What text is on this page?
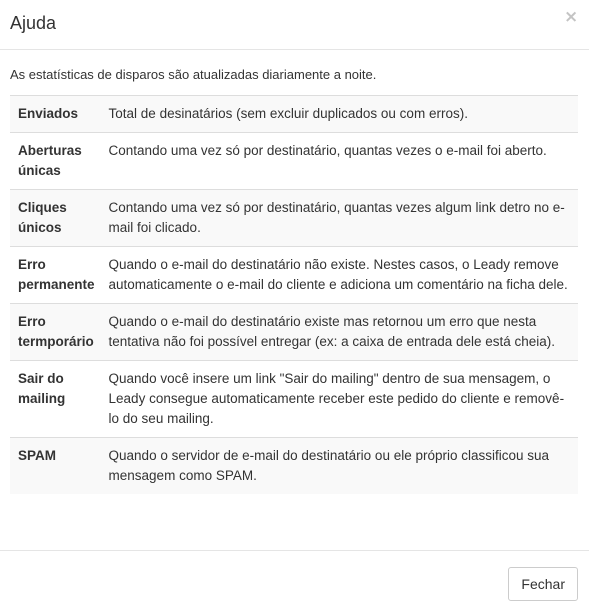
Ajuda	×

As estatísticas de disparos são atualizadas diariamente a noite.

Enviados	Total de desinatários (sem excluir duplicados ou com erros).
Aberturas únicas	Contando uma vez só por destinatário, quantas vezes o e-mail foi aberto.
Cliques únicos	Contando uma vez só por destinatário, quantas vezes algum link detro no e-mail foi clicado.
Erro permanente	Quando o e-mail do destinatário não existe. Nestes casos, o Leady remove automaticamente o e-mail do cliente e adiciona um comentário na ficha dele.
Erro termporário	Quando o e-mail do destinatário existe mas retornou um erro que nesta tentativa não foi possível entregar (ex: a caixa de entrada dele está cheia).
Sair do mailing	Quando você insere um link "Sair do mailing" dentro de sua mensagem, o Leady consegue automaticamente receber este pedido do cliente e removê-lo do seu mailing.
SPAM	Quando o servidor de e-mail do destinatário ou ele próprio classificou sua mensagem como SPAM.
Fechar
